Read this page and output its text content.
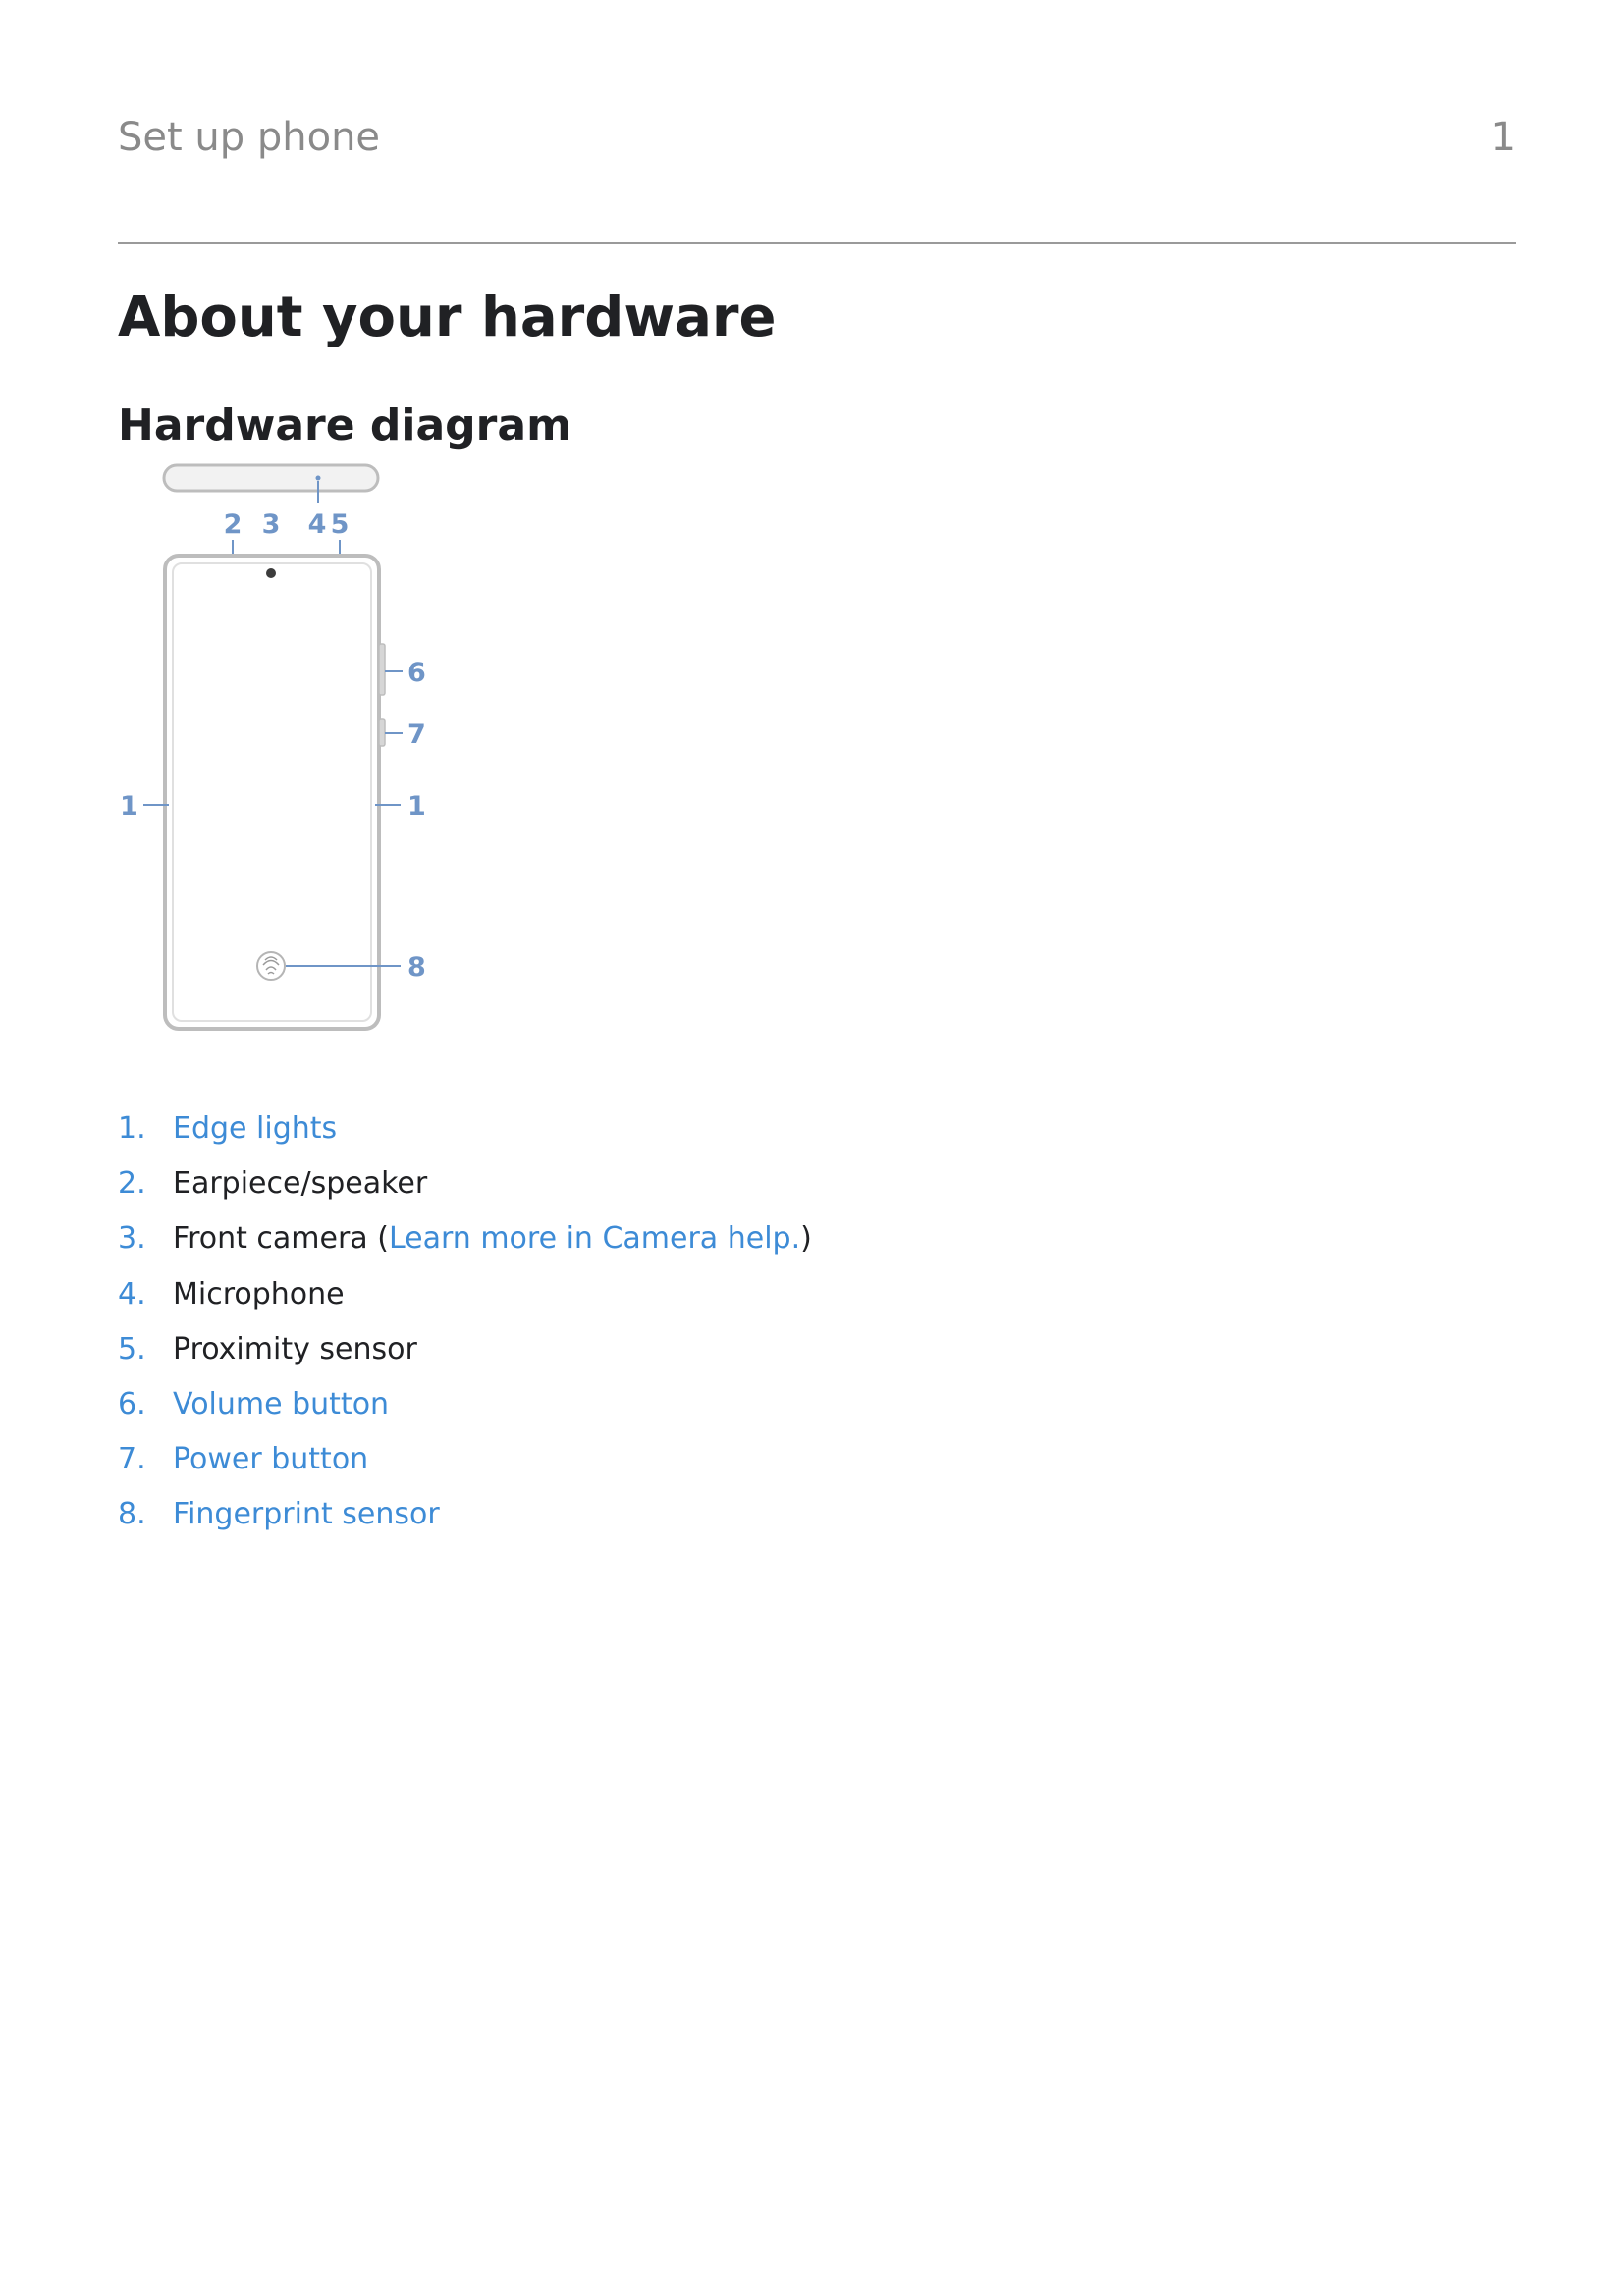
Set up phone	1
About your hardware
Hardware diagram
2 3 4 5
6
7
1	1
8
1. Edge lights
2. Earpiece/speaker
3. Front camera (Learn more in Camera help.)
4. Microphone
5. Proximity sensor
6. Volume button
7. Power button
8. Fingerprint sensor
